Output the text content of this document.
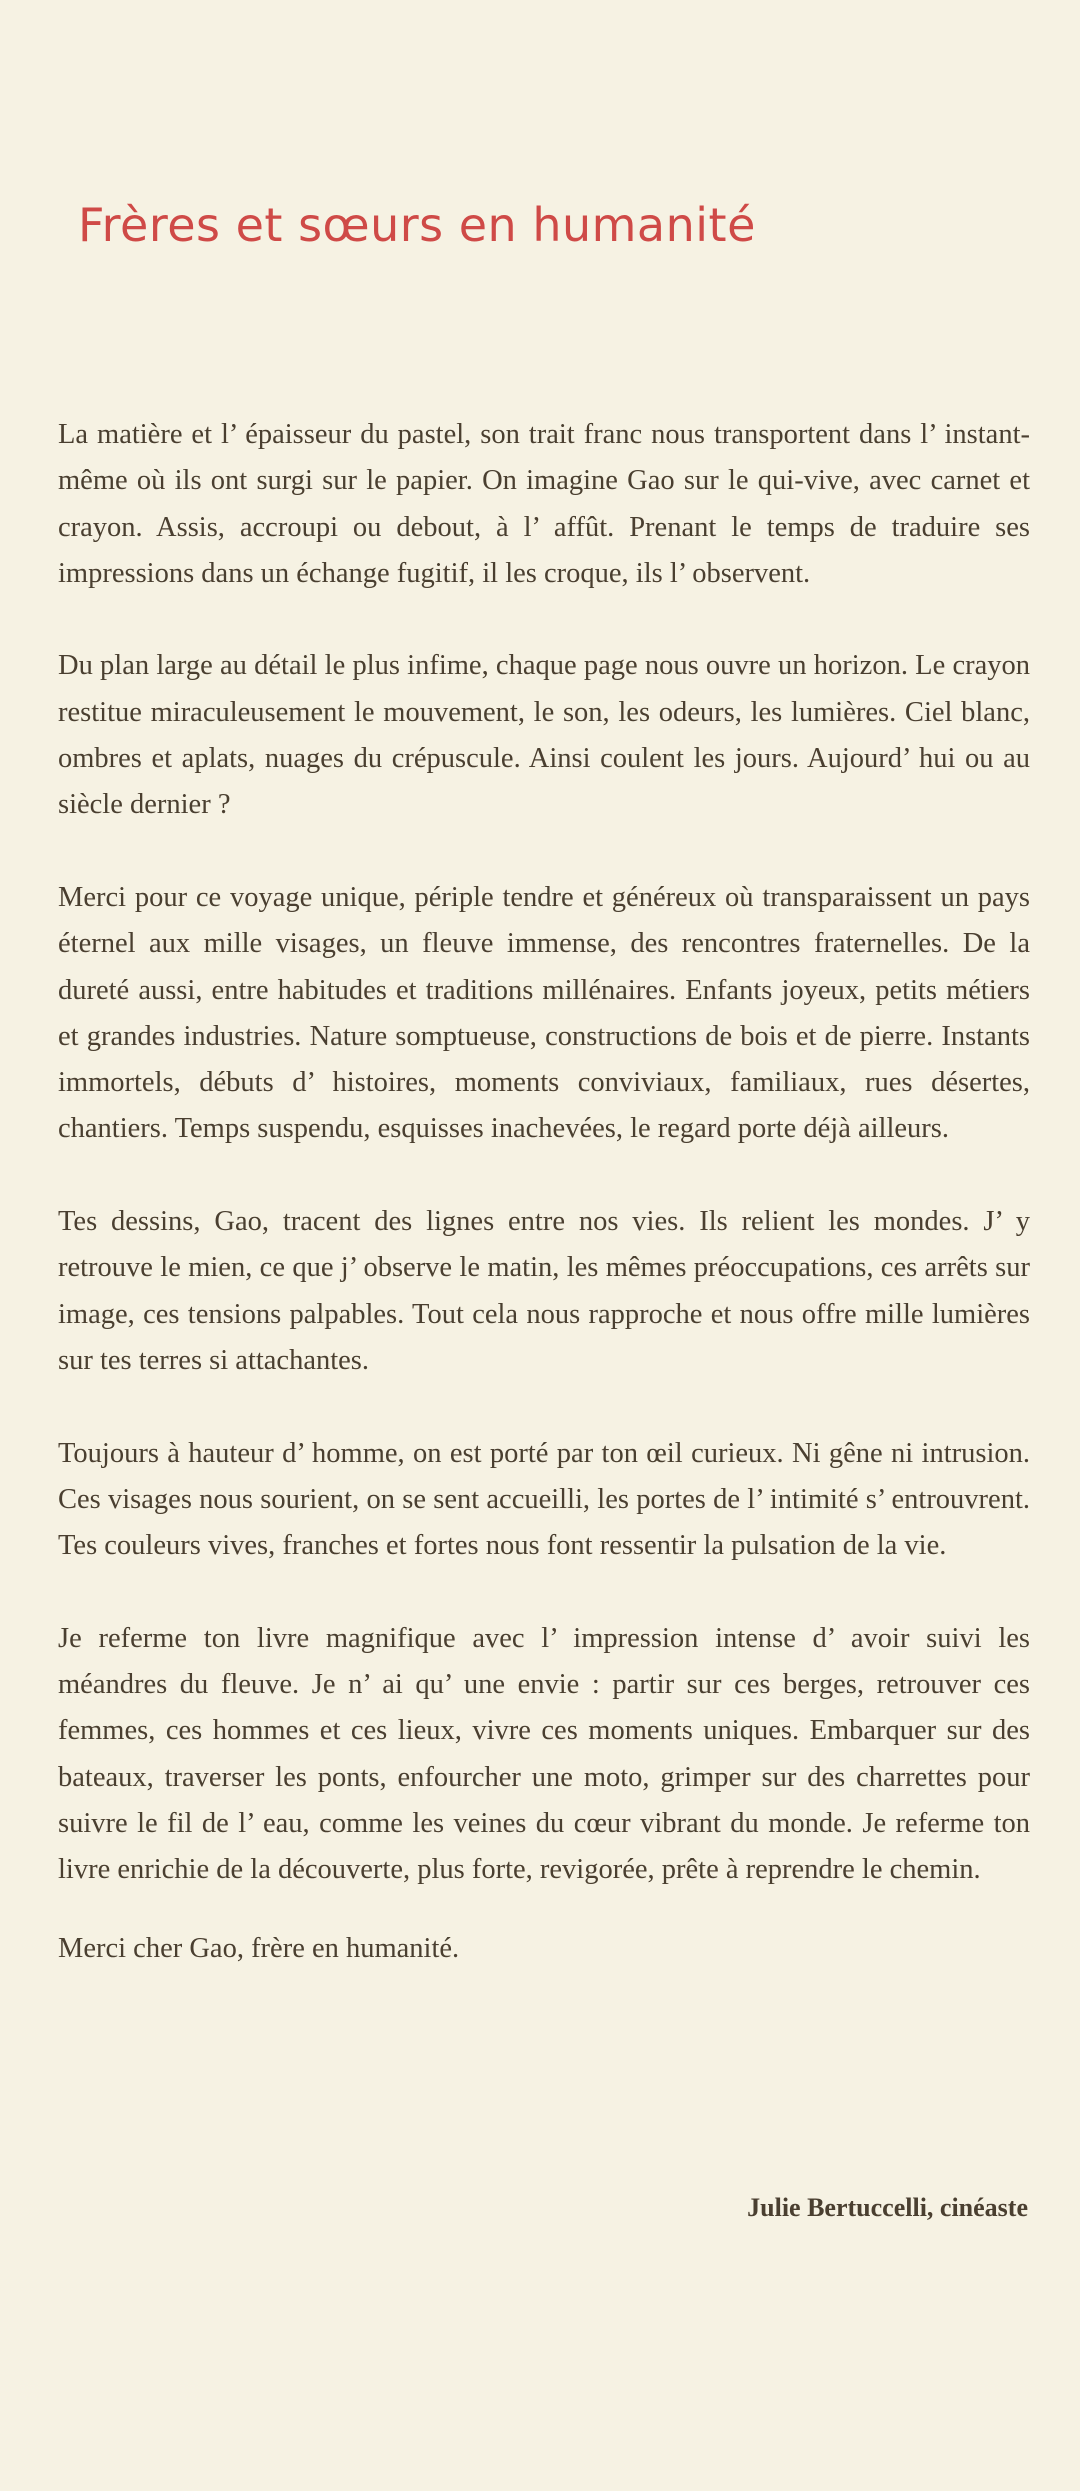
Frères et sœurs en humanité

La matière et l’ épaisseur du pastel, son trait franc nous transportent dans l’ instant-même où ils ont surgi sur le papier. On imagine Gao sur le qui-vive, avec carnet et crayon. Assis, accroupi ou debout, à l’ affût. Prenant le temps de traduire ses impressions dans un échange fugitif, il les croque, ils l’ observent.

Du plan large au détail le plus infime, chaque page nous ouvre un horizon. Le crayon restitue miraculeusement le mouvement, le son, les odeurs, les lumières. Ciel blanc, ombres et aplats, nuages du crépuscule. Ainsi coulent les jours. Aujourd’ hui ou au siècle dernier ?

Merci pour ce voyage unique, périple tendre et généreux où transparaissent un pays éternel aux mille visages, un fleuve immense, des rencontres fraternelles. De la dureté aussi, entre habitudes et traditions millénaires. Enfants joyeux, petits métiers et grandes industries. Nature somptueuse, constructions de bois et de pierre. Instants immortels, débuts d’ histoires, moments conviviaux, familiaux, rues désertes, chantiers. Temps suspendu, esquisses inachevées, le regard porte déjà ailleurs.

Tes dessins, Gao, tracent des lignes entre nos vies. Ils relient les mondes. J’ y retrouve le mien, ce que j’ observe le matin, les mêmes préoccupations, ces arrêts sur image, ces tensions palpables. Tout cela nous rapproche et nous offre mille lumières sur tes terres si attachantes.

Toujours à hauteur d’ homme, on est porté par ton œil curieux. Ni gêne ni intrusion. Ces visages nous sourient, on se sent accueilli, les portes de l’ intimité s’ entrouvrent. Tes couleurs vives, franches et fortes nous font ressentir la pulsation de la vie.

Je referme ton livre magnifique avec l’ impression intense d’ avoir suivi les méandres du fleuve. Je n’ ai qu’ une envie : partir sur ces berges, retrouver ces femmes, ces hommes et ces lieux, vivre ces moments uniques. Embarquer sur des bateaux, traverser les ponts, enfourcher une moto, grimper sur des charrettes pour suivre le fil de l’ eau, comme les veines du cœur vibrant du monde. Je referme ton livre enrichie de la découverte, plus forte, revigorée, prête à reprendre le chemin.

Merci cher Gao, frère en humanité.

Julie Bertuccelli, cinéaste
